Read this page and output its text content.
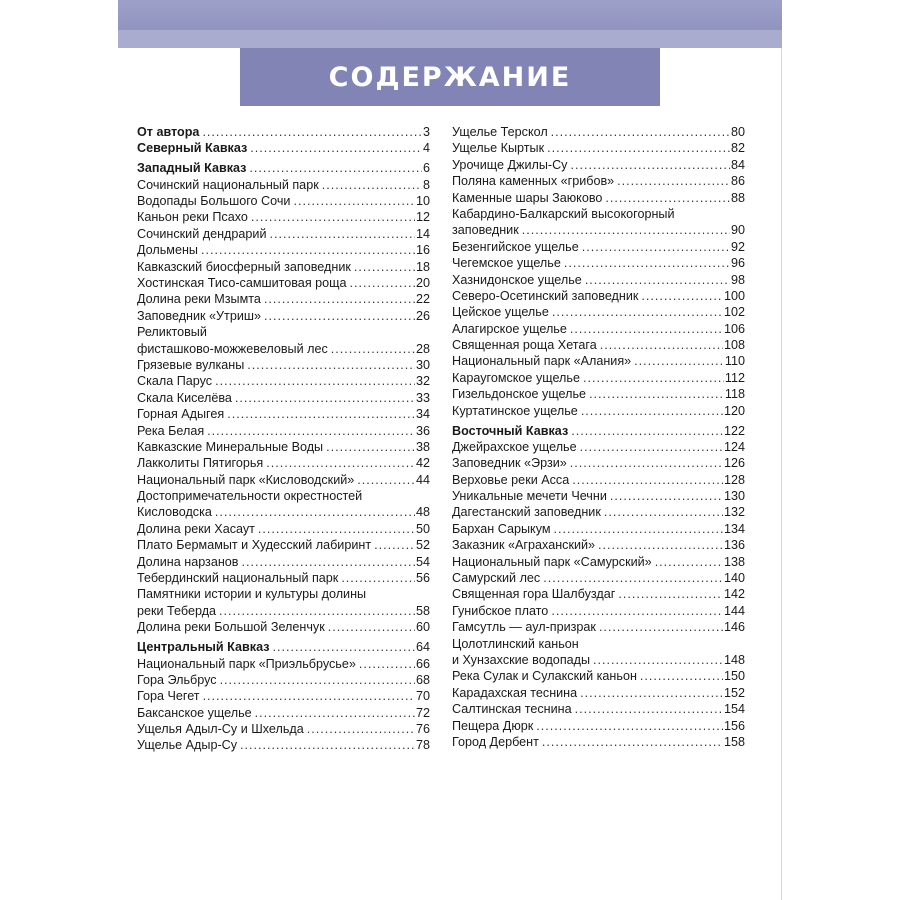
СОДЕРЖАНИЕ
От автора .....	3
Северный Кавказ .....	4
Западный Кавказ .....	6
Сочинский национальный парк .....	8
Водопады Большого Сочи .....	10
Каньон реки Псахо .....	12
Сочинский дендрарий .....	14
Дольмены .....	16
Кавказский биосферный заповедник .....	18
Хостинская Тисо-самшитовая роща .....	20
Долина реки Мзымта .....	22
Заповедник «Утриш» .....	26
Реликтовый
фисташково-можжевеловый лес .....	28
Грязевые вулканы .....	30
Скала Парус .....	32
Скала Киселёва .....	33
Горная Адыгея .....	34
Река Белая .....	36
Кавказские Минеральные Воды .....	38
Лакколиты Пятигорья .....	42
Национальный парк «Кисловодский» .....	44
Достопримечательности окрестностей
Кисловодска .....	48
Долина реки Хасаут .....	50
Плато Бермамыт и Худесский лабиринт .....	52
Долина нарзанов .....	54
Тебердинский национальный парк .....	56
Памятники истории и культуры долины
реки Теберда .....	58
Долина реки Большой Зеленчук .....	60
Центральный Кавказ .....	64
Национальный парк «Приэльбрусье» .....	66
Гора Эльбрус .....	68
Гора Чегет .....	70
Баксанское ущелье .....	72
Ущелья Адыл-Су и Шхельда .....	76
Ущелье Адыр-Су .....	78
Ущелье Терскол .....	80
Ущелье Кыртык .....	82
Урочище Джилы-Су .....	84
Поляна каменных «грибов» .....	86
Каменные шары Заюково .....	88
Кабардино-Балкарский высокогорный
заповедник .....	90
Безенгийское ущелье .....	92
Чегемское ущелье .....	96
Хазнидонское ущелье .....	98
Северо-Осетинский заповедник .....	100
Цейское ущелье .....	102
Алагирское ущелье .....	106
Священная роща Хетага .....	108
Национальный парк «Алания» .....	110
Караугомское ущелье .....	112
Гизельдонское ущелье .....	118
Куртатинское ущелье .....	120
Восточный Кавказ .....	122
Джейрахское ущелье .....	124
Заповедник «Эрзи» .....	126
Верховье реки Асса .....	128
Уникальные мечети Чечни .....	130
Дагестанский заповедник .....	132
Бархан Сарыкум .....	134
Заказник «Аграханский» .....	136
Национальный парк «Самурский» .....	138
Самурский лес .....	140
Священная гора Шалбуздаг .....	142
Гунибское плато .....	144
Гамсутль — аул-призрак .....	146
Цолотлинский каньон
и Хунзахские водопады .....	148
Река Сулак и Сулакский каньон .....	150
Карадахская теснина .....	152
Салтинская теснина .....	154
Пещера Дюрк .....	156
Город Дербент .....	158
